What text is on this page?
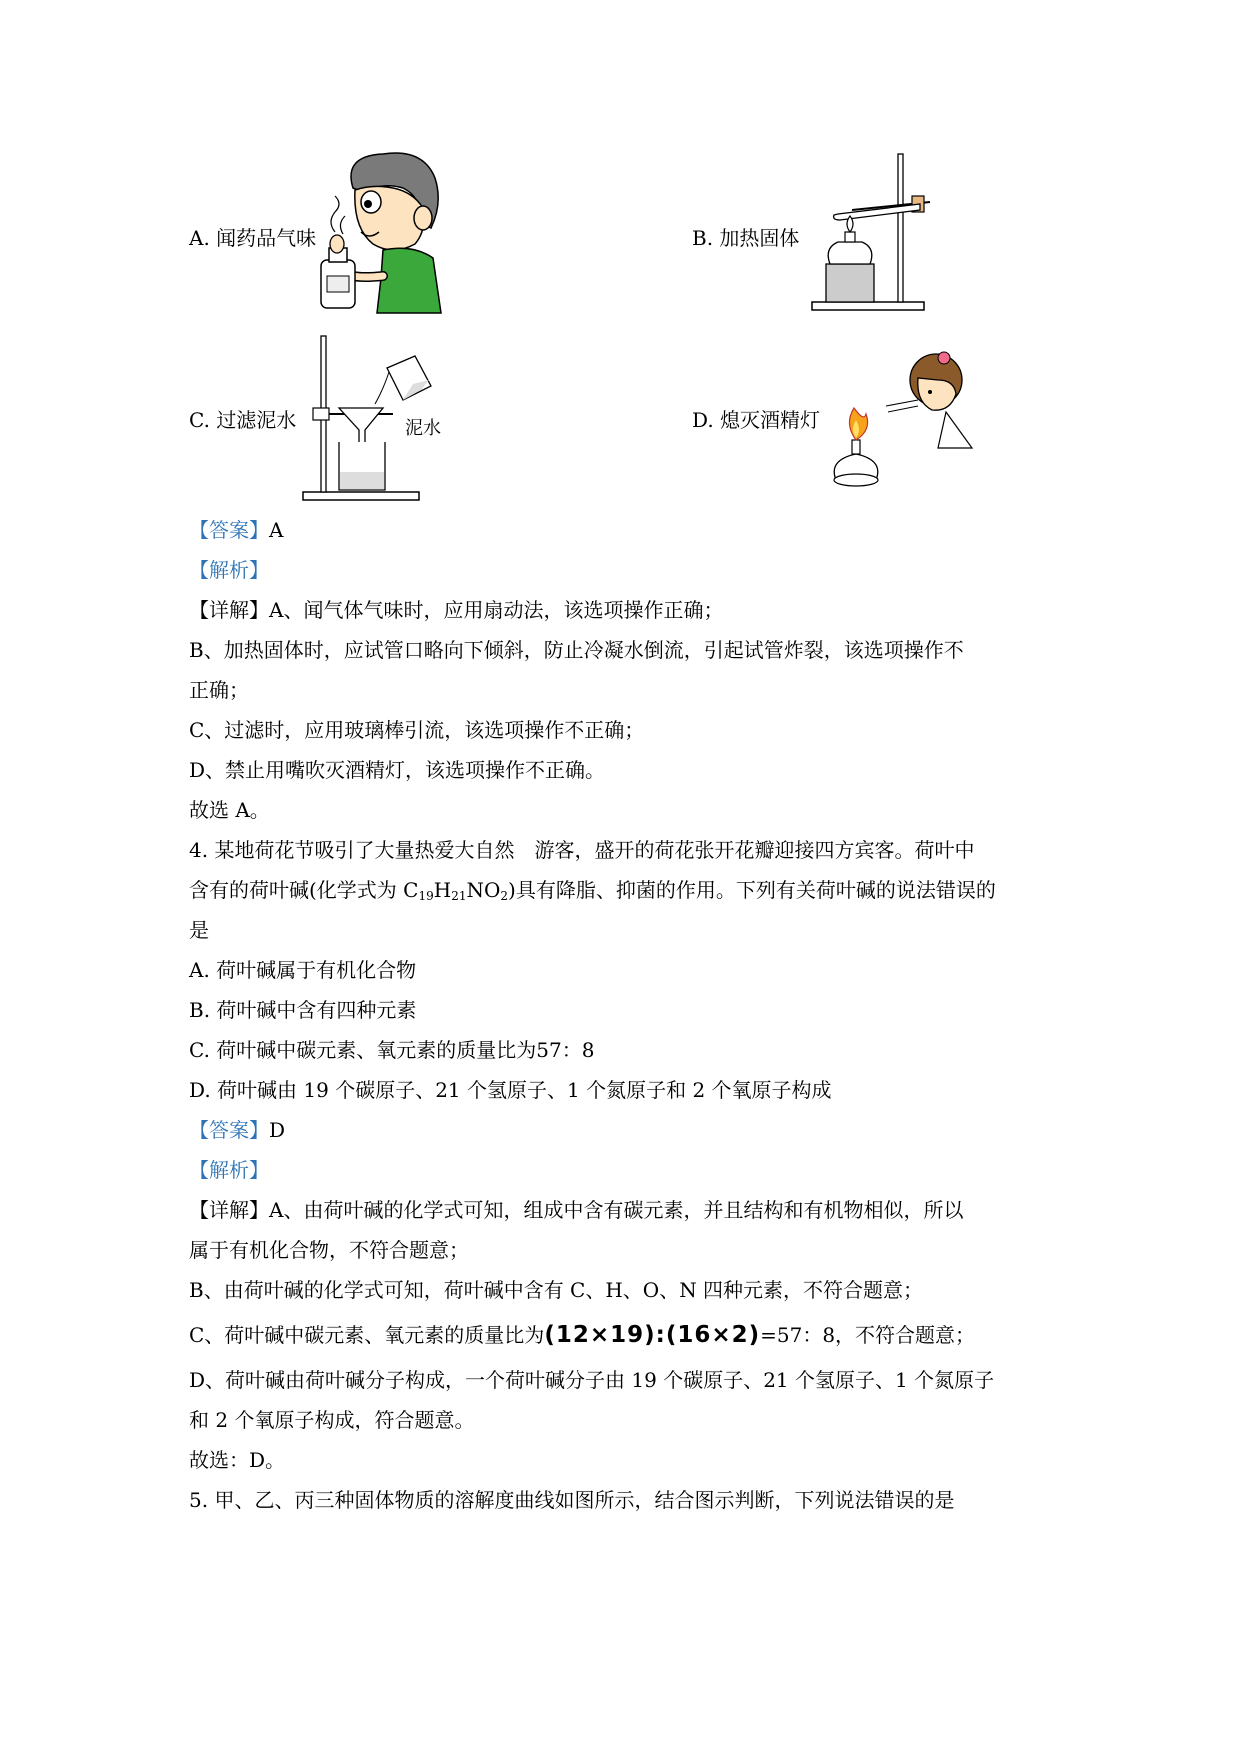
A. 闻药品气味	B. 加热固体
C. 过滤泥水	泥水	D. 熄灭酒精灯
【答案】A
【解析】
【详解】A、闻气体气味时，应用扇动法，该选项操作正确；
B、加热固体时，应试管口略向下倾斜，防止冷凝水倒流，引起试管炸裂，该选项操作不
正确；
C、过滤时，应用玻璃棒引流，该选项操作不正确；
D、禁止用嘴吹灭酒精灯，该选项操作不正确。
故选 A。
4. 某地荷花节吸引了大量热爱大自然　游客，盛开的荷花张开花瓣迎接四方宾客。荷叶中
含有的荷叶碱(化学式为 $C_{19}H_{21}NO_2$)具有降脂、抑菌的作用。下列有关荷叶碱的说法错误的
是
A. 荷叶碱属于有机化合物
B. 荷叶碱中含有四种元素
C. 荷叶碱中碳元素、氧元素的质量比为57：8
D. 荷叶碱由 19 个碳原子、21 个氢原子、1 个氮原子和 2 个氧原子构成
【答案】D
【解析】
【详解】A、由荷叶碱的化学式可知，组成中含有碳元素，并且结构和有机物相似，所以
属于有机化合物，不符合题意；
B、由荷叶碱的化学式可知，荷叶碱中含有 C、H、O、N 四种元素，不符合题意；
C、荷叶碱中碳元素、氧元素的质量比为(12×19):(16×2)=57：8，不符合题意；
D、荷叶碱由荷叶碱分子构成，一个荷叶碱分子由 19 个碳原子、21 个氢原子、1 个氮原子
和 2 个氧原子构成，符合题意。
故选：D。
5. 甲、乙、丙三种固体物质的溶解度曲线如图所示，结合图示判断，下列说法错误的是
